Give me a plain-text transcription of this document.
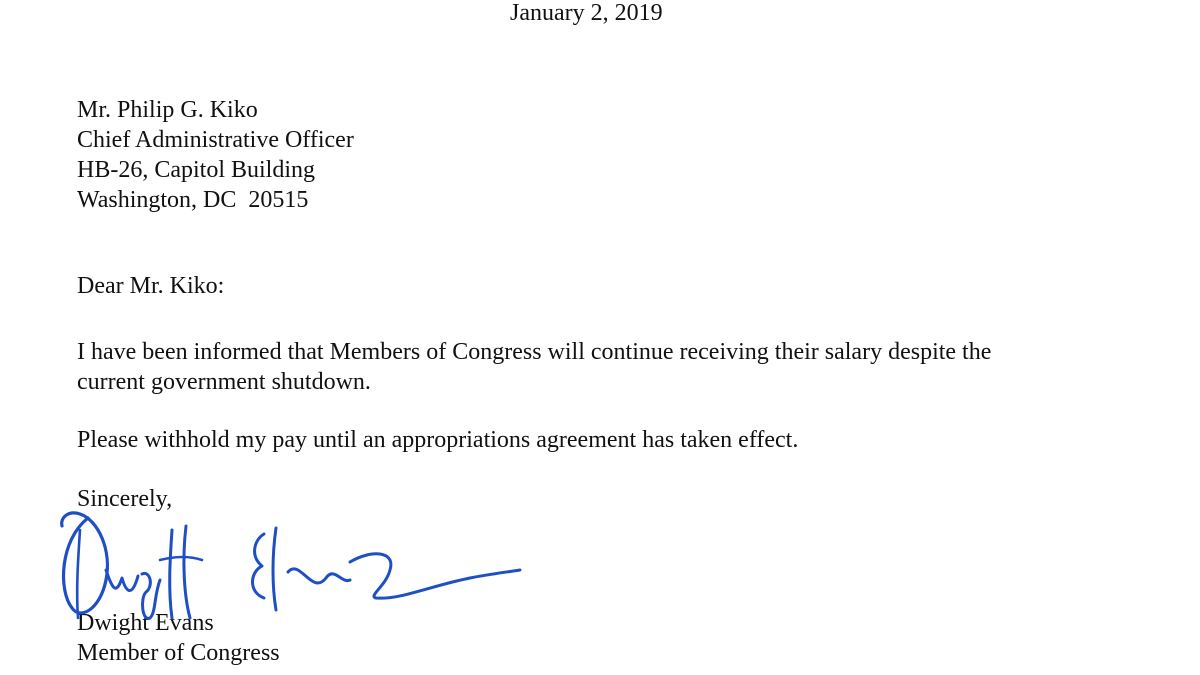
January 2, 2019
Mr. Philip G. Kiko
Chief Administrative Officer
HB-26, Capitol Building
Washington, DC  20515
Dear Mr. Kiko:
I have been informed that Members of Congress will continue receiving their salary despite the
current government shutdown.
Please withhold my pay until an appropriations agreement has taken effect.
Sincerely,
Dwight Evans
Member of Congress
